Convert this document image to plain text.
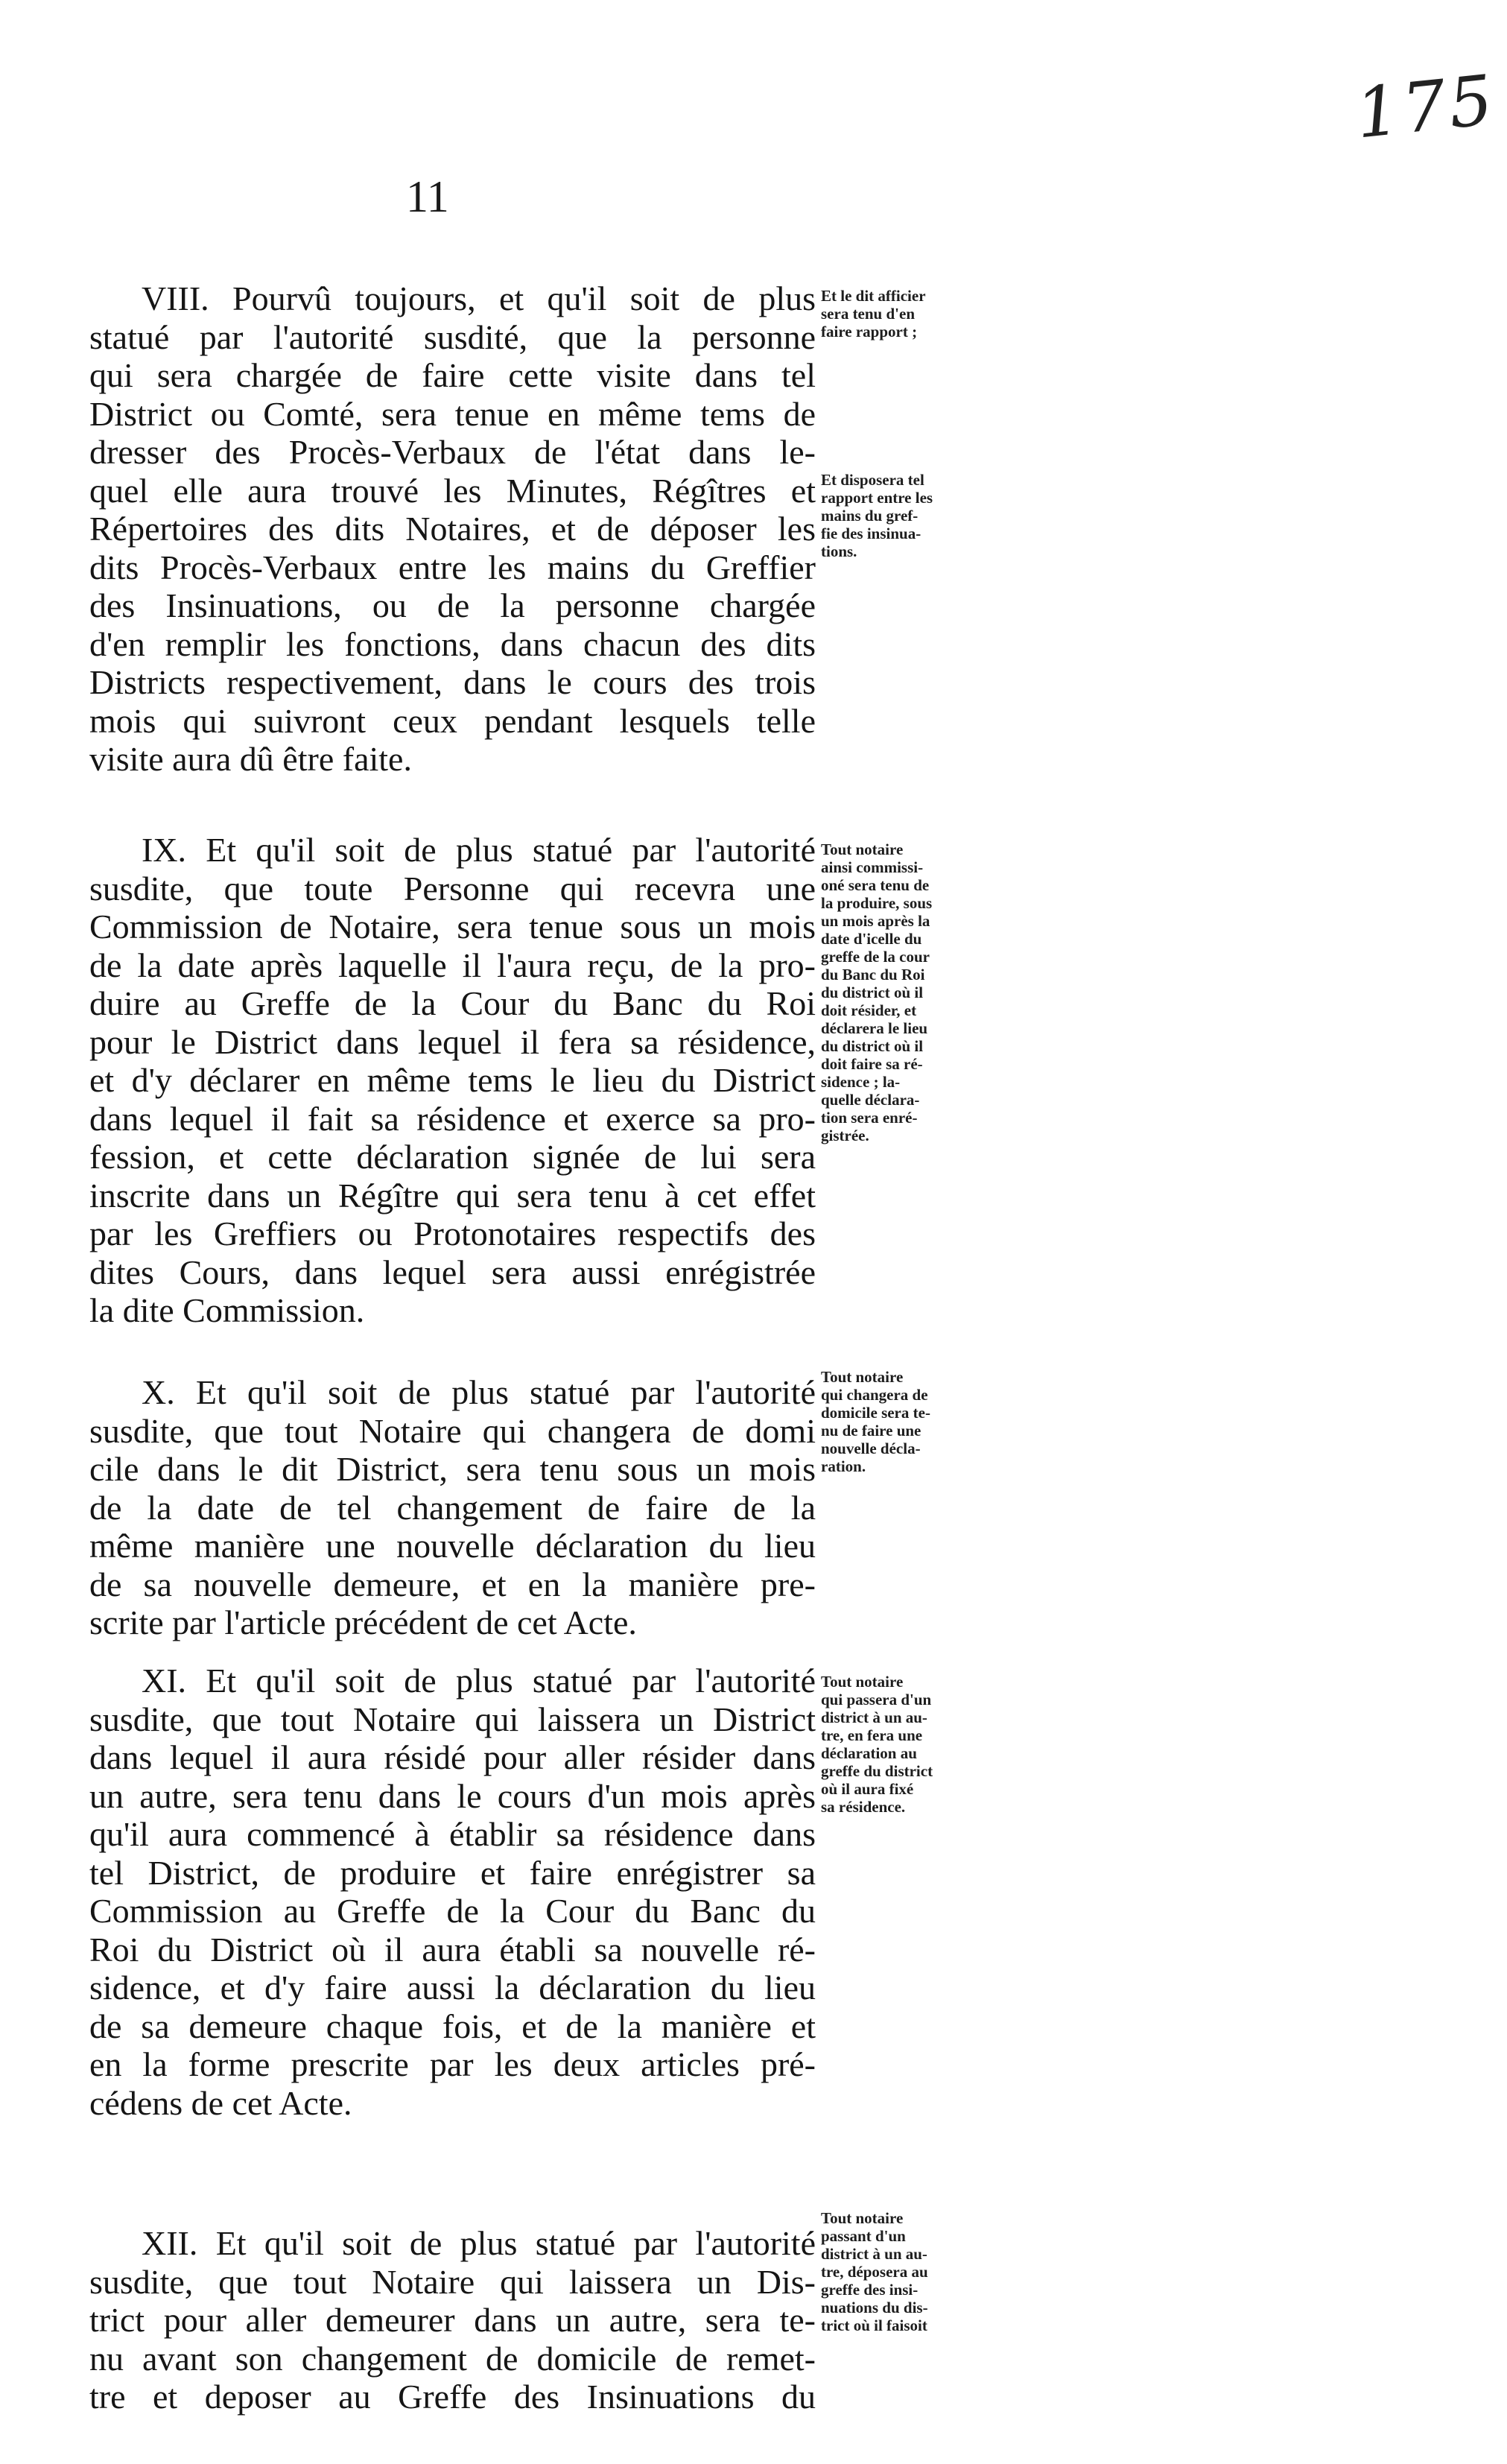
175
11
VIII. Pourvû toujours, et qu'il soit de plus
statué par l'autorité susdité, que la personne
qui sera chargée de faire cette visite dans tel
District ou Comté, sera tenue en même tems de
dresser des Procès-Verbaux de l'état dans le-
quel elle aura trouvé les Minutes, Régîtres et
Répertoires des dits Notaires, et de déposer les
dits Procès-Verbaux entre les mains du Greffier
des Insinuations, ou de la personne chargée
d'en remplir les fonctions, dans chacun des dits
Districts respectivement, dans le cours des trois
mois qui suivront ceux pendant lesquels telle
visite aura dû être faite.
Et le dit afficier
sera tenu d'en
faire rapport ;
Et disposera tel
rapport entre les
mains du gref-
fie des insinua-
tions.
IX. Et qu'il soit de plus statué par l'autorité
susdite, que toute Personne qui recevra une
Commission de Notaire, sera tenue sous un mois
de la date après laquelle il l'aura reçu, de la pro-
duire au Greffe de la Cour du Banc du Roi
pour le District dans lequel il fera sa résidence,
et d'y déclarer en même tems le lieu du District
dans lequel il fait sa résidence et exerce sa pro-
fession, et cette déclaration signée de lui sera
inscrite dans un Régître qui sera tenu à cet effet
par les Greffiers ou Protonotaires respectifs des
dites Cours, dans lequel sera aussi enrégistrée
la dite Commission.
Tout notaire
ainsi commissi-
oné sera tenu de
la produire, sous
un mois après la
date d'icelle du
greffe de la cour
du Banc du Roi
du district où il
doit résider, et
déclarera le lieu
du district où il
doit faire sa ré-
sidence ; la-
quelle déclara-
tion sera enré-
gistrée.
X. Et qu'il soit de plus statué par l'autorité
susdite, que tout Notaire qui changera de domi
cile dans le dit District, sera tenu sous un mois
de la date de tel changement de faire de la
même manière une nouvelle déclaration du lieu
de sa nouvelle demeure, et en la manière pre-
scrite par l'article précédent de cet Acte.
Tout notaire
qui changera de
domicile sera te-
nu de faire une
nouvelle décla-
ration.
XI. Et qu'il soit de plus statué par l'autorité
susdite, que tout Notaire qui laissera un District
dans lequel il aura résidé pour aller résider dans
un autre, sera tenu dans le cours d'un mois après
qu'il aura commencé à établir sa résidence dans
tel District, de produire et faire enrégistrer sa
Commission au Greffe de la Cour du Banc du
Roi du District où il aura établi sa nouvelle ré-
sidence, et d'y faire aussi la déclaration du lieu
de sa demeure chaque fois, et de la manière et
en la forme prescrite par les deux articles pré-
cédens de cet Acte.
Tout notaire
qui passera d'un
district à un au-
tre, en fera une
déclaration au
greffe du district
où il aura fixé
sa résidence.
XII. Et qu'il soit de plus statué par l'autorité
susdite, que tout Notaire qui laissera un Dis-
trict pour aller demeurer dans un autre, sera te-
nu avant son changement de domicile de remet-
tre et deposer au Greffe des Insinuations du
Tout notaire
passant d'un
district à un au-
tre, déposera au
greffe des insi-
nuations du dis-
trict où il faisoit
